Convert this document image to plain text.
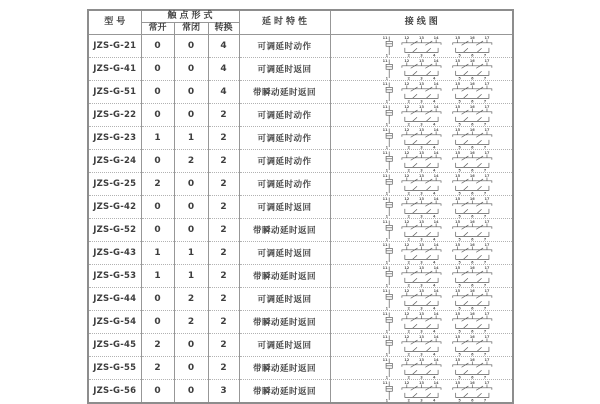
型号	触点形式			延时特性	接线图
	常开	常闭	转换		
JZS-G-21	0	0	4	可调延时动作	
11
1
12	13	14
2	3	4
15	16	17
5	6	7

JZS-G-41	0	0	4	可调延时返回	
11
1
12	13	14
2	3	4
15	16	17
5	6	7

JZS-G-51	0	0	4	带瞬动延时返回	
11
1
12	13	14
2	3	4
15	16	17
5	6	7

JZS-G-22	0	0	2	可调延时动作	
11
1
12	13	14
2	3	4
15	16	17
5	6	7

JZS-G-23	1	1	2	可调延时动作	
11
1
12	13	14
2	3	4
15	16	17
5	6	7

JZS-G-24	0	2	2	可调延时动作	
11
1
12	13	14
2	3	4
15	16	17
5	6	7

JZS-G-25	2	0	2	可调延时动作	
11
1
12	13	14
2	3	4
15	16	17
5	6	7

JZS-G-42	0	0	2	可调延时返回	
11
1
12	13	14
2	3	4
15	16	17
5	6	7

JZS-G-52	0	0	2	带瞬动延时返回	
11
1
12	13	14
2	3	4
15	16	17
5	6	7

JZS-G-43	1	1	2	可调延时返回	
11
1
12	13	14
2	3	4
15	16	17
5	6	7

JZS-G-53	1	1	2	带瞬动延时返回	
11
1
12	13	14
2	3	4
15	16	17
5	6	7

JZS-G-44	0	2	2	可调延时返回	
11
1
12	13	14
2	3	4
15	16	17
5	6	7

JZS-G-54	0	2	2	带瞬动延时返回	
11
1
12	13	14
2	3	4
15	16	17
5	6	7

JZS-G-45	2	0	2	可调延时返回	
11
1
12	13	14
2	3	4
15	16	17
5	6	7

JZS-G-55	2	0	2	带瞬动延时返回	
11
1
12	13	14
2	3	4
15	16	17
5	6	7

JZS-G-56	0	0	3	带瞬动延时返回	
11
1
12	13	14
2	3	4
15	16	17
5	6	7
